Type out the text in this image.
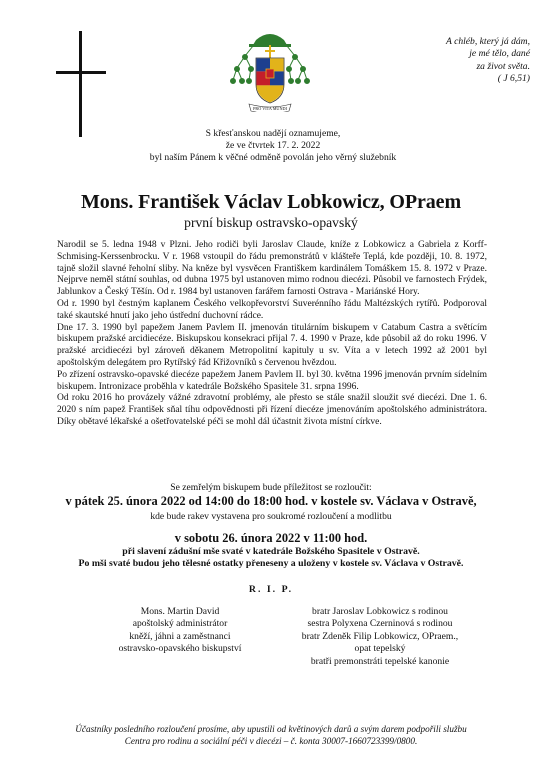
PRO VITA MUNDI
A chléb, který já dám,
je mé tělo, dané
za život světa.
( J 6,51)
S křesťanskou nadějí oznamujeme,
že ve čtvrtek 17. 2. 2022
byl naším Pánem k věčné odměně povolán jeho věrný služebník
Mons. František Václav Lobkowicz, OPraem
první biskup ostravsko-opavský

Narodil se 5. ledna 1948 v Plzni. Jeho rodiči byli Jaroslav Claude, kníže z Lobkowicz a Gabriela z Korff-Schmising-Kerssenbrocku. V r. 1968 vstoupil do řádu premonstrátů v klášteře Teplá, kde později, 10. 8. 1972, tajně složil slavné řeholní sliby. Na kněze byl vysvěcen Františkem kardinálem Tomáškem 15. 8. 1972 v Praze. Nejprve neměl státní souhlas, od dubna 1975 byl ustanoven mimo rodnou diecézi. Působil ve farnostech Frýdek, Jablunkov a Český Těšín. Od r. 1984 byl ustanoven farářem farnosti Ostrava - Mariánské Hory.

Od r. 1990 byl čestným kaplanem Českého velkopřevorství Suverénního řádu Maltézských rytířů. Podporoval také skautské hnutí jako jeho ústřední duchovní rádce.

Dne 17. 3. 1990 byl papežem Janem Pavlem II. jmenován titulárním biskupem v Catabum Castra a světícím biskupem pražské arcidiecéze. Biskupskou konsekraci přijal 7. 4. 1990 v Praze, kde působil až do roku 1996. V pražské arcidiecézi byl zároveň děkanem Metropolitní kapituly u sv. Víta a v letech 1992 až 2001 byl apoštolským delegátem pro Rytířský řád Křižovníků s červenou hvězdou.

Po zřízení ostravsko-opavské diecéze papežem Janem Pavlem II. byl 30. května 1996 jmenován prvním sídelním biskupem. Intronizace proběhla v katedrále Božského Spasitele 31. srpna 1996.

Od roku 2016 ho provázely vážné zdravotní problémy, ale přesto se stále snažil sloužit své diecézi. Dne 1. 6. 2020 s ním papež František sňal tíhu odpovědnosti při řízení diecéze jmenováním apoštolského administrátora. Díky obětavé lékařské a ošetřovatelské péči se mohl dál účastnit života místní církve.

Se zemřelým biskupem bude příležitost se rozloučit:
v pátek 25. února 2022 od 14:00 do 18:00 hod. v kostele sv. Václava v Ostravě,
kde bude rakev vystavena pro soukromé rozloučení a modlitbu
v sobotu 26. února 2022 v 11:00 hod.
při slavení zádušní mše svaté v katedrále Božského Spasitele v Ostravě.
Po mši svaté budou jeho tělesné ostatky přeneseny a uloženy v kostele sv. Václava v Ostravě.
R. I. P.
Mons. Martin David
apoštolský administrátor
kněží, jáhni a zaměstnanci
ostravsko-opavského biskupství
bratr Jaroslav Lobkowicz s rodinou
sestra Polyxena Czerninová s rodinou
bratr Zdeněk Filip Lobkowicz, OPraem.,
opat tepelský
bratři premonstráti tepelské kanonie
Účastníky posledního rozloučení prosíme, aby upustili od květinových darů a svým darem podpořili službu
Centra pro rodinu a sociální péči v diecézi – č. konta 30007-1660723399/0800.
